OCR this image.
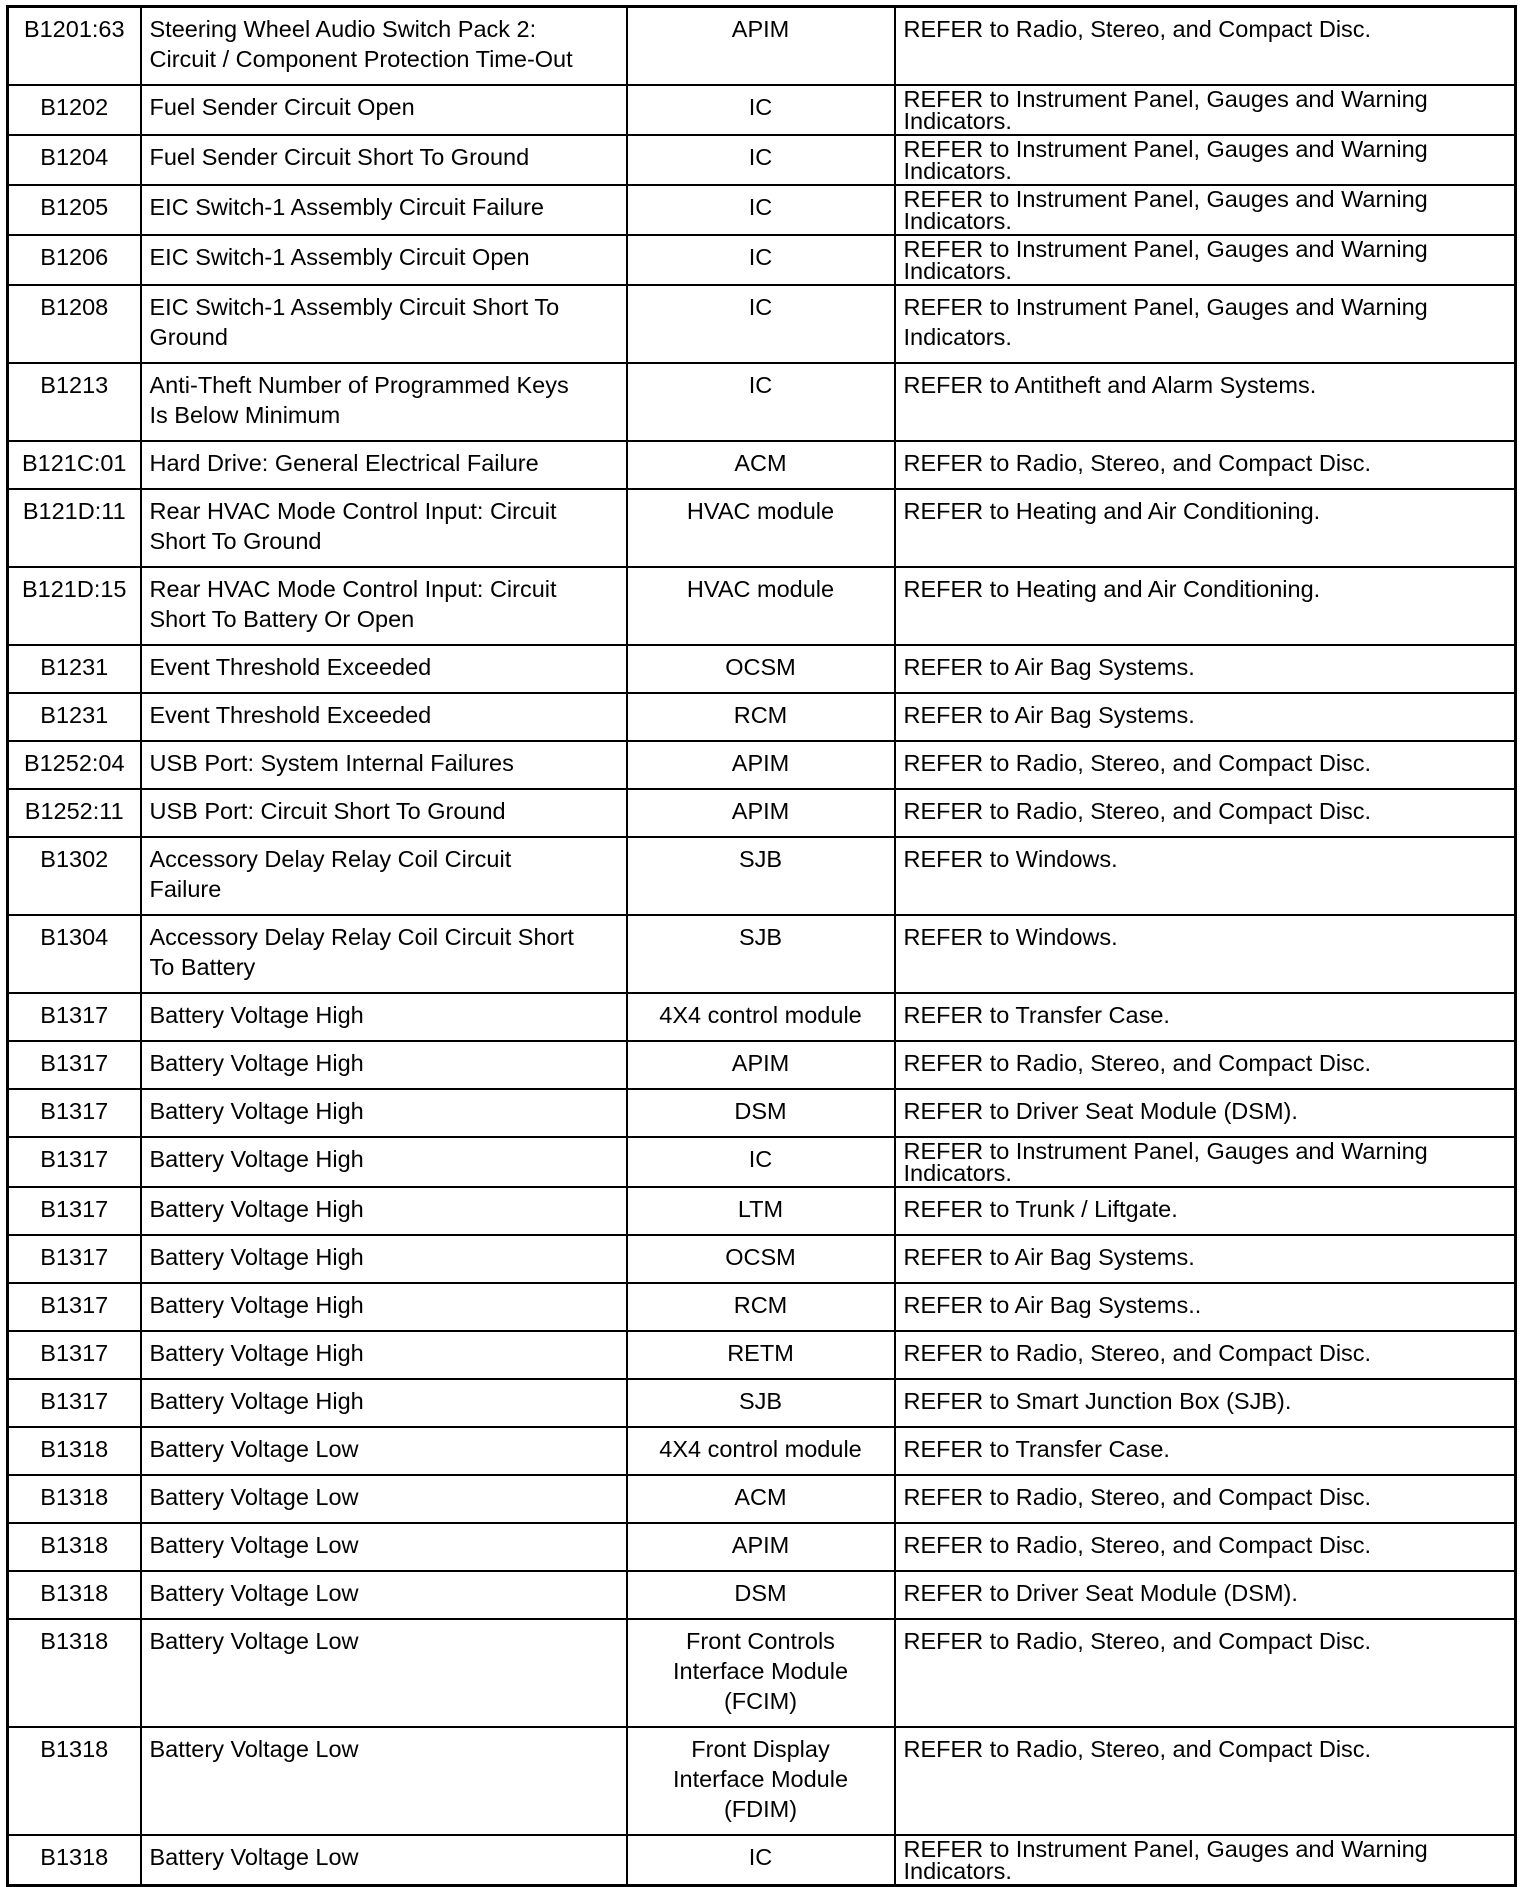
B1201:63	Steering Wheel Audio Switch Pack 2:
Circuit / Component Protection Time-Out	APIM	REFER to Radio, Stereo, and Compact Disc.
B1202	Fuel Sender Circuit Open	IC	REFER to Instrument Panel, Gauges and Warning
Indicators.
B1204	Fuel Sender Circuit Short To Ground	IC	REFER to Instrument Panel, Gauges and Warning
Indicators.
B1205	EIC Switch-1 Assembly Circuit Failure	IC	REFER to Instrument Panel, Gauges and Warning
Indicators.
B1206	EIC Switch-1 Assembly Circuit Open	IC	REFER to Instrument Panel, Gauges and Warning
Indicators.
B1208	EIC Switch-1 Assembly Circuit Short To
Ground	IC	REFER to Instrument Panel, Gauges and Warning
Indicators.
B1213	Anti-Theft Number of Programmed Keys
Is Below Minimum	IC	REFER to Antitheft and Alarm Systems.
B121C:01	Hard Drive: General Electrical Failure	ACM	REFER to Radio, Stereo, and Compact Disc.
B121D:11	Rear HVAC Mode Control Input: Circuit
Short To Ground	HVAC module	REFER to Heating and Air Conditioning.
B121D:15	Rear HVAC Mode Control Input: Circuit
Short To Battery Or Open	HVAC module	REFER to Heating and Air Conditioning.
B1231	Event Threshold Exceeded	OCSM	REFER to Air Bag Systems.
B1231	Event Threshold Exceeded	RCM	REFER to Air Bag Systems.
B1252:04	USB Port: System Internal Failures	APIM	REFER to Radio, Stereo, and Compact Disc.
B1252:11	USB Port: Circuit Short To Ground	APIM	REFER to Radio, Stereo, and Compact Disc.
B1302	Accessory Delay Relay Coil Circuit
Failure	SJB	REFER to Windows.
B1304	Accessory Delay Relay Coil Circuit Short
To Battery	SJB	REFER to Windows.
B1317	Battery Voltage High	4X4 control module	REFER to Transfer Case.
B1317	Battery Voltage High	APIM	REFER to Radio, Stereo, and Compact Disc.
B1317	Battery Voltage High	DSM	REFER to Driver Seat Module (DSM).
B1317	Battery Voltage High	IC	REFER to Instrument Panel, Gauges and Warning
Indicators.
B1317	Battery Voltage High	LTM	REFER to Trunk / Liftgate.
B1317	Battery Voltage High	OCSM	REFER to Air Bag Systems.
B1317	Battery Voltage High	RCM	REFER to Air Bag Systems..
B1317	Battery Voltage High	RETM	REFER to Radio, Stereo, and Compact Disc.
B1317	Battery Voltage High	SJB	REFER to Smart Junction Box (SJB).
B1318	Battery Voltage Low	4X4 control module	REFER to Transfer Case.
B1318	Battery Voltage Low	ACM	REFER to Radio, Stereo, and Compact Disc.
B1318	Battery Voltage Low	APIM	REFER to Radio, Stereo, and Compact Disc.
B1318	Battery Voltage Low	DSM	REFER to Driver Seat Module (DSM).
B1318	Battery Voltage Low	Front Controls
Interface Module
(FCIM)	REFER to Radio, Stereo, and Compact Disc.
B1318	Battery Voltage Low	Front Display
Interface Module
(FDIM)	REFER to Radio, Stereo, and Compact Disc.
B1318	Battery Voltage Low	IC	REFER to Instrument Panel, Gauges and Warning
Indicators.
